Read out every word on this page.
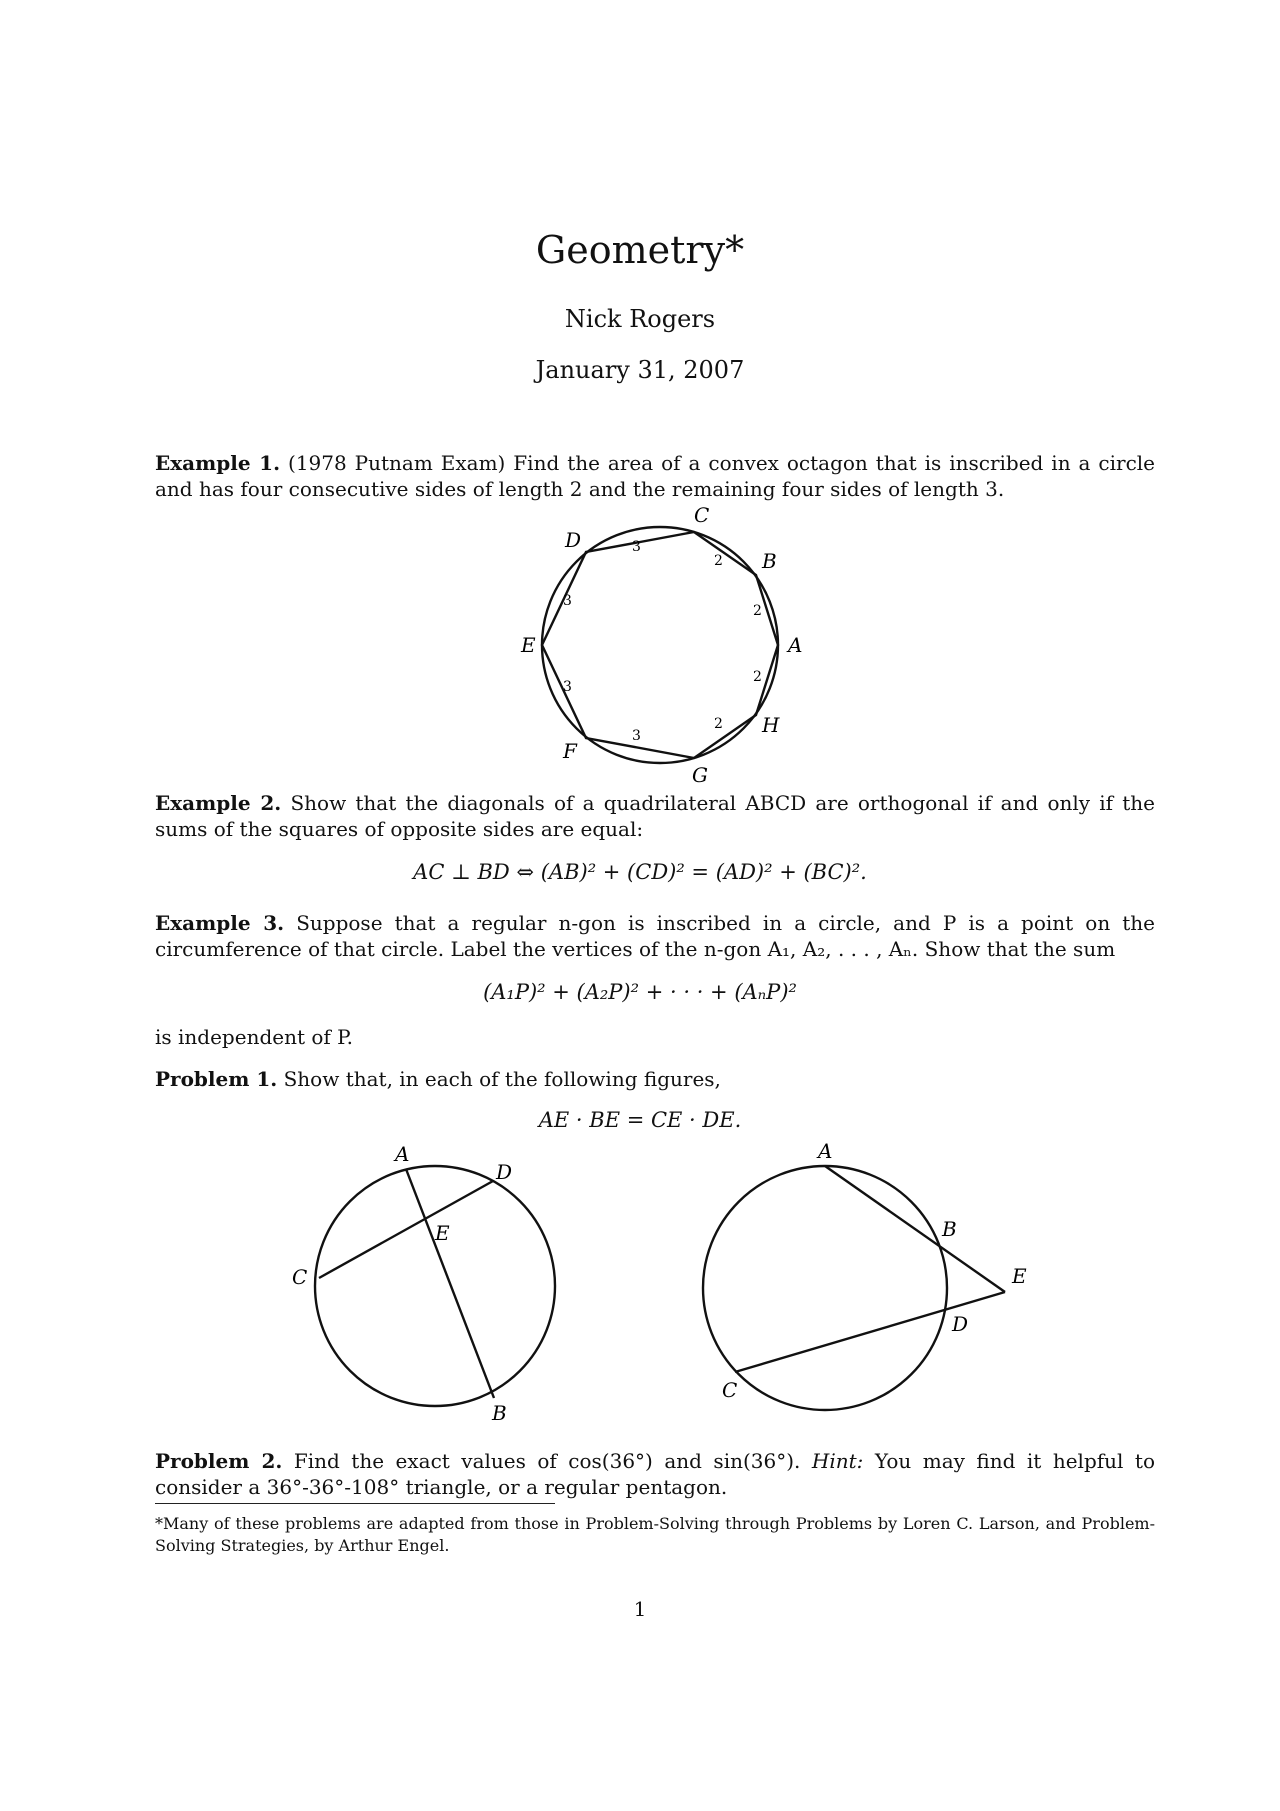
Geometry*
Nick Rogers
January 31, 2007
Example 1. (1978 Putnam Exam) Find the area of a convex octagon that is inscribed in a circle and has four consecutive sides of length 2 and the remaining four sides of length 3.
A
B
C
D
E
F
G
H
2
2
3
3
3
3
2
2
Example 2. Show that the diagonals of a quadrilateral ABCD are orthogonal if and only if the sums of the squares of opposite sides are equal:
AC ⊥ BD ⇔ (AB)² + (CD)² = (AD)² + (BC)².
Example 3. Suppose that a regular n-gon is inscribed in a circle, and P is a point on the circumference of that circle. Label the vertices of the n-gon A₁, A₂, . . . , Aₙ. Show that the sum
(A₁P)² + (A₂P)² + · · · + (AₙP)²
is independent of P.
Problem 1. Show that, in each of the following figures,
AE · BE = CE · DE.
A
D
E
C
B
A
B
E
D
C
Problem 2. Find the exact values of cos(36°) and sin(36°). Hint: You may find it helpful to consider a 36°-36°-108° triangle, or a regular pentagon.
*Many of these problems are adapted from those in Problem-Solving through Problems by Loren C. Larson, and Problem-Solving Strategies, by Arthur Engel.
1
